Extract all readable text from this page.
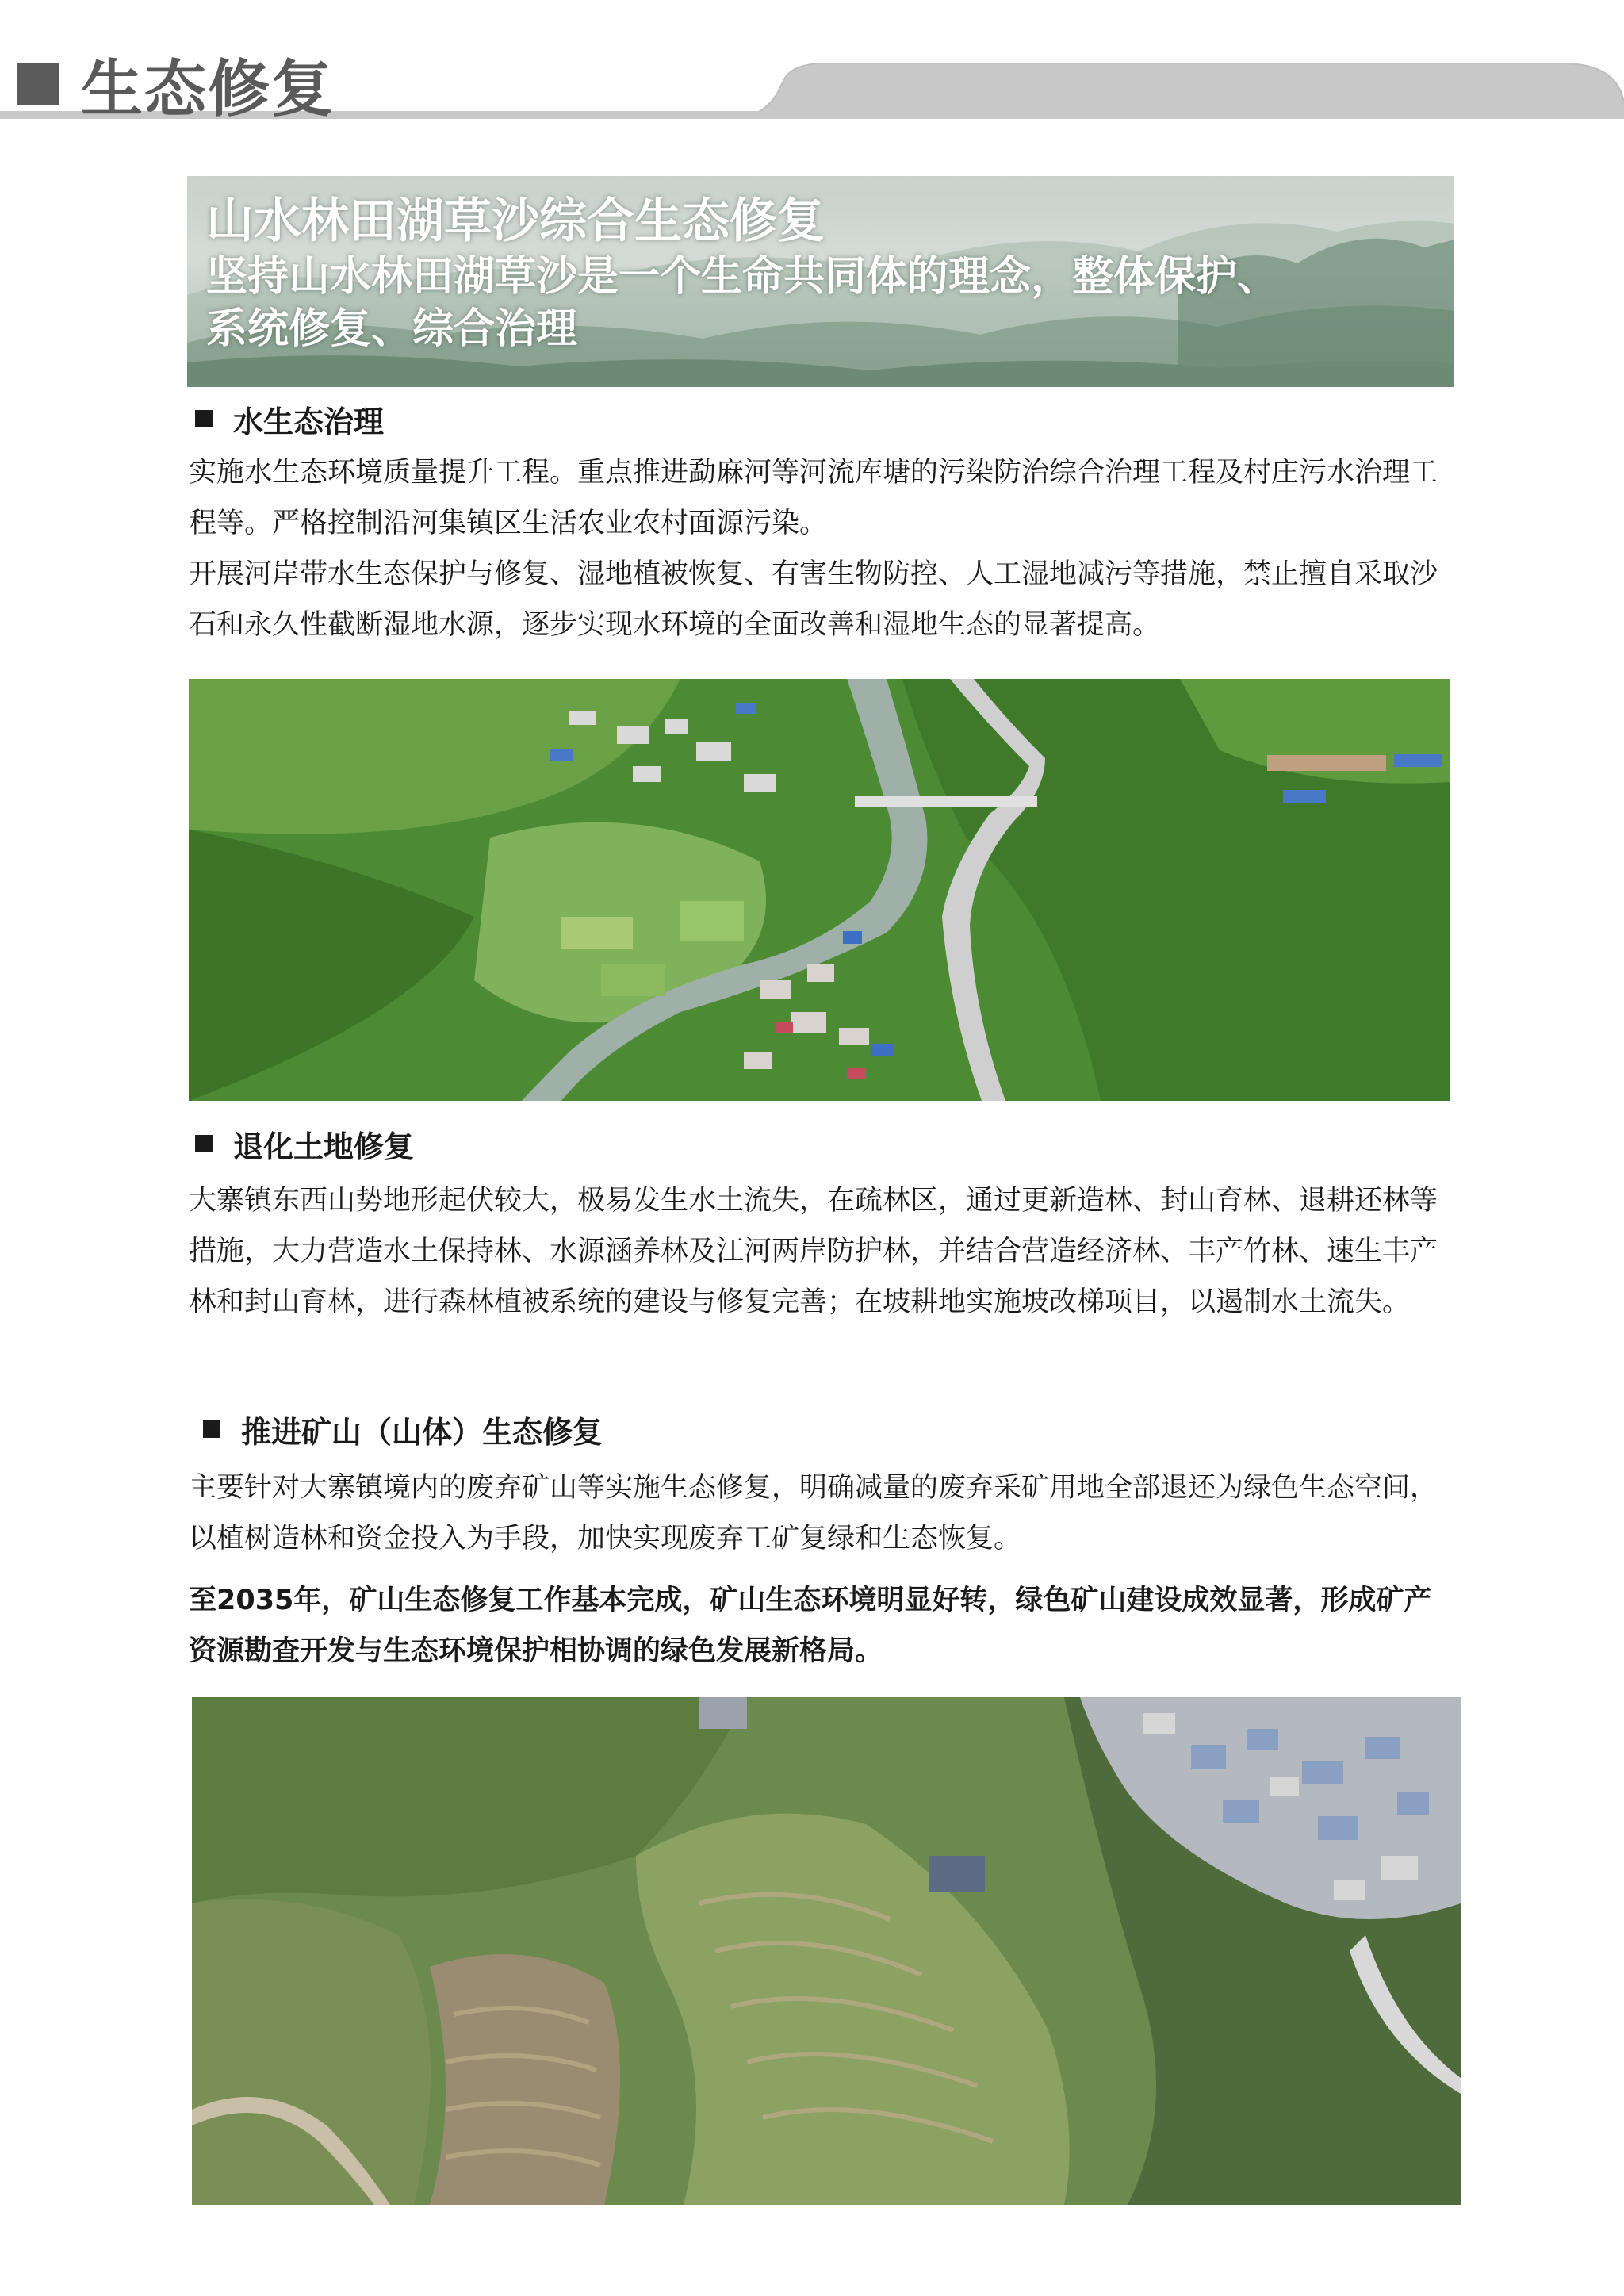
生态修复
山水林田湖草沙综合生态修复
坚持山水林田湖草沙是一个生命共同体的理念，整体保护、
系统修复、综合治理
水生态治理

实施水生态环境质量提升工程。重点推进勐麻河等河流库塘的污染防治综合治理工程及村庄污水治理工程等。严格控制沿河集镇区生活农业农村面源污染。

开展河岸带水生态保护与修复、湿地植被恢复、有害生物防控、人工湿地减污等措施，禁止擅自采取沙石和永久性截断湿地水源，逐步实现水环境的全面改善和湿地生态的显著提高。

退化土地修复

大寨镇东西山势地形起伏较大，极易发生水土流失，在疏林区，通过更新造林、封山育林、退耕还林等措施，大力营造水土保持林、水源涵养林及江河两岸防护林，并结合营造经济林、丰产竹林、速生丰产林和封山育林，进行森林植被系统的建设与修复完善；在坡耕地实施坡改梯项目，以遏制水土流失。

推进矿山（山体）生态修复

主要针对大寨镇境内的废弃矿山等实施生态修复，明确减量的废弃采矿用地全部退还为绿色生态空间，以植树造林和资金投入为手段，加快实现废弃工矿复绿和生态恢复。

至2035年，矿山生态修复工作基本完成，矿山生态环境明显好转，绿色矿山建设成效显著，形成矿产资源勘查开发与生态环境保护相协调的绿色发展新格局。
